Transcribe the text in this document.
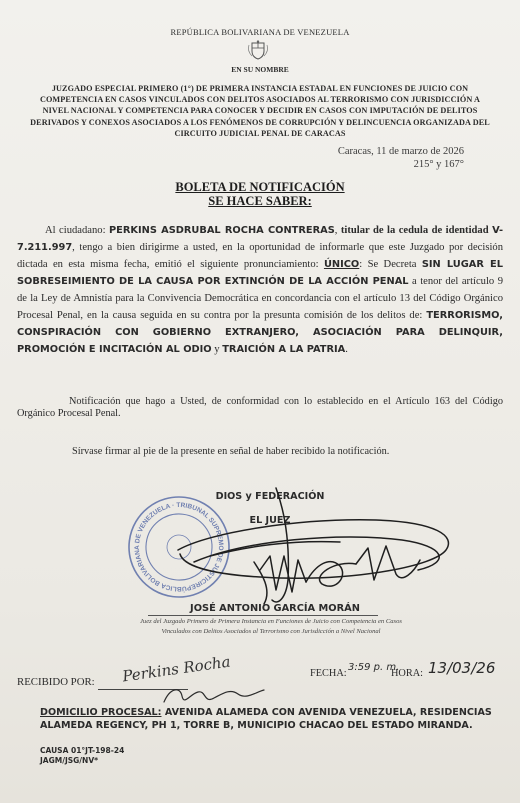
REPÚBLICA BOLIVARIANA DE VENEZUELA
EN SU NOMBRE
JUZGADO ESPECIAL PRIMERO (1°) DE PRIMERA INSTANCIA ESTADAL EN FUNCIONES DE JUICIO CON COMPETENCIA EN CASOS VINCULADOS CON DELITOS ASOCIADOS AL TERRORISMO CON JURISDICCIÓN A NIVEL NACIONAL Y COMPETENCIA PARA CONOCER Y DECIDIR EN CASOS CON IMPUTACIÓN DE DELITOS DERIVADOS Y CONEXOS ASOCIADOS A LOS FENÓMENOS DE CORRUPCIÓN Y DELINCUENCIA ORGANIZADA DEL CIRCUITO JUDICIAL PENAL DE CARACAS
Caracas, 11 de marzo de 2026
215° y 167°
BOLETA DE NOTIFICACIÓN
SE HACE SABER:

Al ciudadano: PERKINS ASDRUBAL ROCHA CONTRERAS, titular de la cedula de identidad V-7.211.997, tengo a bien dirigirme a usted, en la oportunidad de informarle que este Juzgado por decisión dictada en esta misma fecha, emitió el siguiente pronunciamiento: ÚNICO: Se Decreta SIN LUGAR EL SOBRESEIMIENTO DE LA CAUSA POR EXTINCIÓN DE LA ACCIÓN PENAL a tenor del artículo 9 de la Ley de Amnistía para la Convivencia Democrática en concordancia con el artículo 13 del Código Orgánico Procesal Penal, en la causa seguida en su contra por la presunta comisión de los delitos de: TERRORISMO, CONSPIRACIÓN CON GOBIERNO EXTRANJERO, ASOCIACIÓN PARA DELINQUIR, PROMOCIÓN E INCITACIÓN AL ODIO y TRAICIÓN A LA PATRIA.

Notificación que hago a Usted, de conformidad con lo establecido en el Artículo 163 del Código Orgánico Procesal Penal.
Sírvase firmar al pie de la presente en señal de haber recibido la notificación.
REPÚBLICA BOLIVARIANA DE VENEZUELA · TRIBUNAL SUPREMO DE JUSTICIA
DIOS y FEDERACIÓN
EL JUEZ
JOSÉ ANTONIO GARCÍA MORÁN
Juez del Juzgado Primero de Primera Instancia en Funciones de Juicio con Competencia en Casos
Vinculados con Delitos Asociados al Terrorismo con Jurisdicción a Nivel Nacional
RECIBIDO POR: Perkins Rocha	FECHA:
3:59 p. m.
HORA: 13/03/26
DOMICILIO PROCESAL: AVENIDA ALAMEDA CON AVENIDA VENEZUELA, RESIDENCIAS ALAMEDA REGENCY, PH 1, TORRE B, MUNICIPIO CHACAO DEL ESTADO MIRANDA.
CAUSA 01°JT-198-24
JAGM/JSG/NV*
